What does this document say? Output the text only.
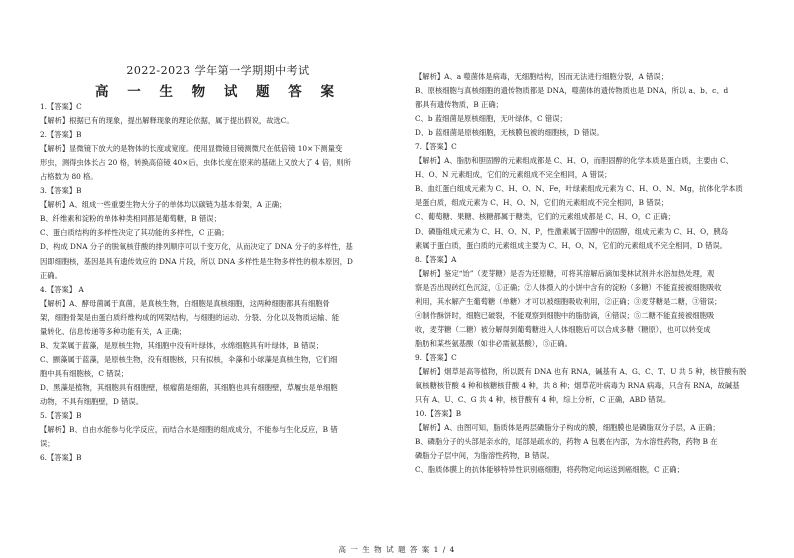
2022-2023 学年第一学期期中考试

高 一 生 物 试 题 答 案

1.【答案】C

【解析】根据已有的现象，提出解释现象的理论依据，属于提出假说，故选C。

2.【答案】B

【解析】显微镜下放大的是物体的长度或宽度。使用显微镜目镜测微尺在低倍镜 10×下测量变

形虫，测得虫体长占 20 格，转换高倍镜 40×后，虫体长度在原来的基础上又放大了 4 倍，则所

占格数为 80 格。

3.【答案】B

【解析】A、组成一些重要生物大分子的单体均以碳链为基本骨架，A 正确；

B、纤维素和淀粉的单体种类相同都是葡萄糖，B 错误；

C、蛋白质结构的多样性决定了其功能的多样性，C 正确；

D、构成 DNA 分子的脱氧核苷酸的排列顺序可以千变万化，从而决定了 DNA 分子的多样性，基

因即细胞核，基因是具有遗传效应的 DNA 片段，所以 DNA 多样性是生物多样性的根本原因，D

正确。

4.【答案】 A

【解析】A、酵母菌属于真菌，是真核生物，白细胞是真核细胞，这两种细胞都具有细胞骨

架，细胞骨架是由蛋白质纤维构成的网架结构，与细胞的运动、分裂、分化以及物质运输、能

量转化、信息传递等多种功能有关，A 正确；

B、发菜属于蓝藻，是原核生物，其细胞中没有叶绿体，水绵细胞具有叶绿体，B 错误；

C、颤藻属于蓝藻，是原核生物，没有细胞核，只有拟核，伞藻和小球藻是真核生物，它们细

胞中具有细胞核，C 错误；

D、黑藻是植物，其细胞具有细胞壁，根瘤菌是细菌，其细胞也具有细胞壁，草履虫是单细胞

动物，不具有细胞壁，D 错误。

5.【答案】B

【解析】B、自由水能参与化学反应，而结合水是细胞的组成成分，不能参与生化反应，B 错

误；

6.【答案】B

【解析】A、a 噬菌体是病毒，无细胞结构，因而无法进行细胞分裂，A 错误；

B、原核细胞与真核细胞的遗传物质都是 DNA，噬菌体的遗传物质也是 DNA，所以 a、b、c、d

都具有遗传物质，B 正确；

C、b 蓝细菌是原核细胞，无叶绿体，C 错误；

D、b 蓝细菌是原核细胞，无核膜包被的细胞核，D 错误。

7.【答案】C

【解析】A、脂肪和胆固醇的元素组成都是 C、H、O，而胆固醇的化学本质是蛋白质，主要由 C、

H、O、N 元素组成，它们的元素组成不完全相同，A 错误；

B、血红蛋白组成元素为 C、H、O、N、Fe，叶绿素组成元素为 C、H、O、N、Mg，抗体化学本质

是蛋白质，组成元素为 C、H、O、N，它们的元素组成不完全相同，B 错误；

C、葡萄糖、果糖、核糖都属于糖类，它们的元素组成都是 C、H、O，C 正确；

D、磷脂组成元素为 C、H、O、N、P，性激素属于固醇中的固醇，组成元素为 C、H、O，胰岛

素属于蛋白质，蛋白质的元素组成主要为 C、H、O、N，它们的元素组成不完全相同，D 错误。

8.【答案】A

【解析】鉴定“饴”（麦芽糖）是否为还原糖，可将其溶解后滴加斐林试剂并水浴加热处理，观

察是否出现砖红色沉淀，①正确；②人体摄入的小饼中含有的淀粉（多糖）不能直接被细胞吸收

利用，其水解产生葡萄糖（单糖）才可以被细胞吸收利用，②正确；③麦芽糖是二糖，③错误；

④制作酥饼时，细胞已破裂，不能观察到细胞中的脂肪滴，④错误；⑤二糖不能直接被细胞吸

收，麦芽糖（二糖）被分解得到葡萄糖进入人体细胞后可以合成多糖（糖原），也可以转变成

脂肪和某些氨基酸（如非必需氨基酸），⑤正确。

9.【答案】C

【解析】烟草是高等植物，所以既有 DNA 也有 RNA，碱基有 A、G、C、T、U 共 5 种，核苷酸有脱

氧核糖核苷酸 4 种和核糖核苷酸 4 种，共 8 种；烟草花叶病毒为 RNA 病毒，只含有 RNA，故碱基

只有 A、U、C、G 共 4 种，核苷酸有 4 种，综上分析，C 正确，ABD 错误。

10.【答案】B

【解析】A、由图可知，脂质体是两层磷脂分子构成的膜，细胞膜也是磷脂双分子层，A 正确；

B、磷脂分子的头部是亲水的，尾部是疏水的，药物 A 包裹在内部，为水溶性药物，药物 B 在

磷脂分子层中间，为脂溶性药物，B 错误。

C、脂质体膜上的抗体能够特异性识别癌细胞，将药物定向运送到癌细胞，C 正确；

高 一 生 物 试 题 答 案 1 / 4
